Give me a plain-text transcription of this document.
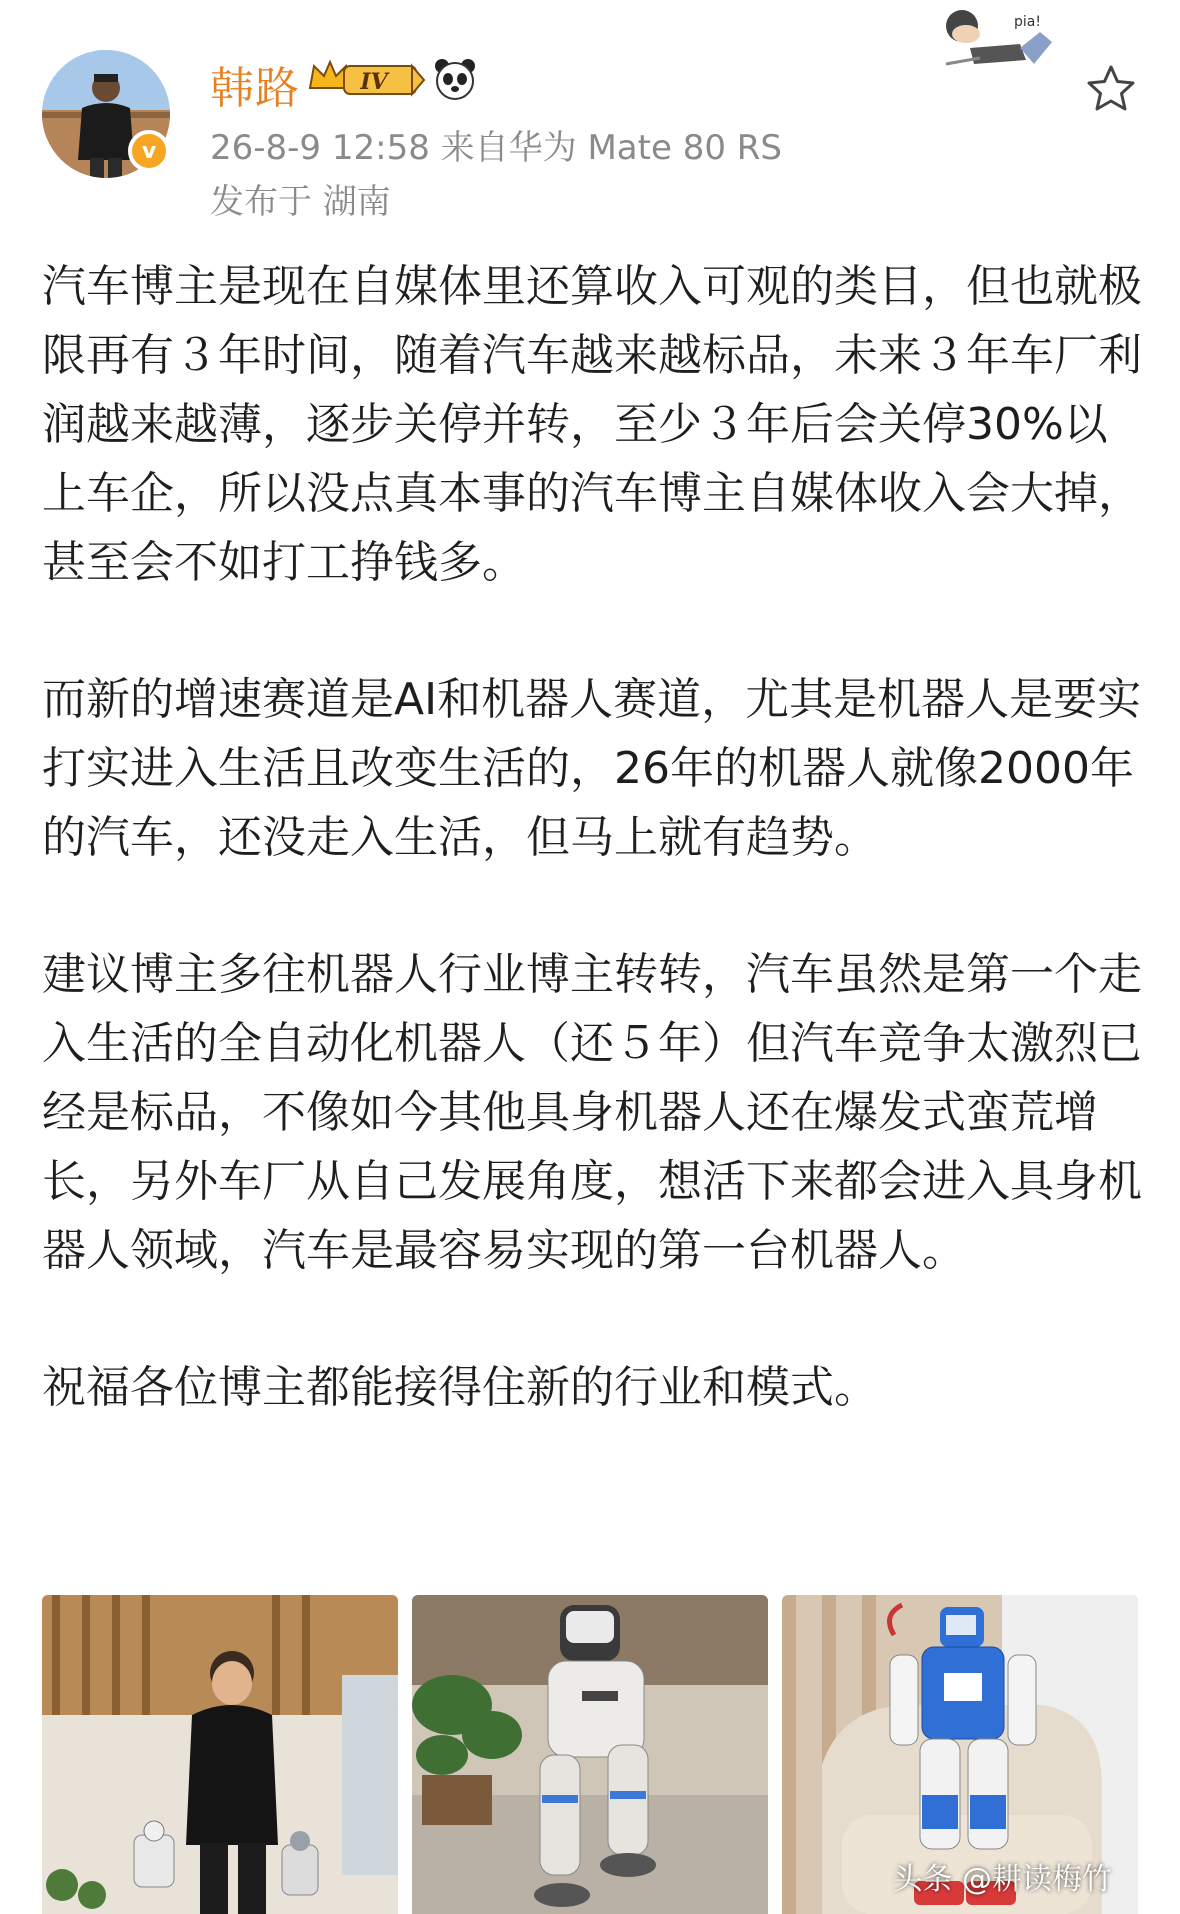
v
韩路	IV
26-8-9 12:58 来自华为 Mate 80 RS
发布于 湖南
pia!

汽车博主是现在自媒体里还算收入可观的类目，但也就极限再有３年时间，随着汽车越来越标品，未来３年车厂利润越来越薄，逐步关停并转，至少３年后会关停30%以上车企，所以没点真本事的汽车博主自媒体收入会大掉，甚至会不如打工挣钱多。

而新的增速赛道是AI和机器人赛道，尤其是机器人是要实打实进入生活且改变生活的，26年的机器人就像2000年的汽车，还没走入生活，但马上就有趋势。

建议博主多往机器人行业博主转转，汽车虽然是第一个走入生活的全自动化机器人（还５年）但汽车竞争太激烈已经是标品，不像如今其他具身机器人还在爆发式蛮荒增长，另外车厂从自己发展角度，想活下来都会进入具身机器人领域，汽车是最容易实现的第一台机器人。

祝福各位博主都能接得住新的行业和模式。

头条 @耕读梅竹
